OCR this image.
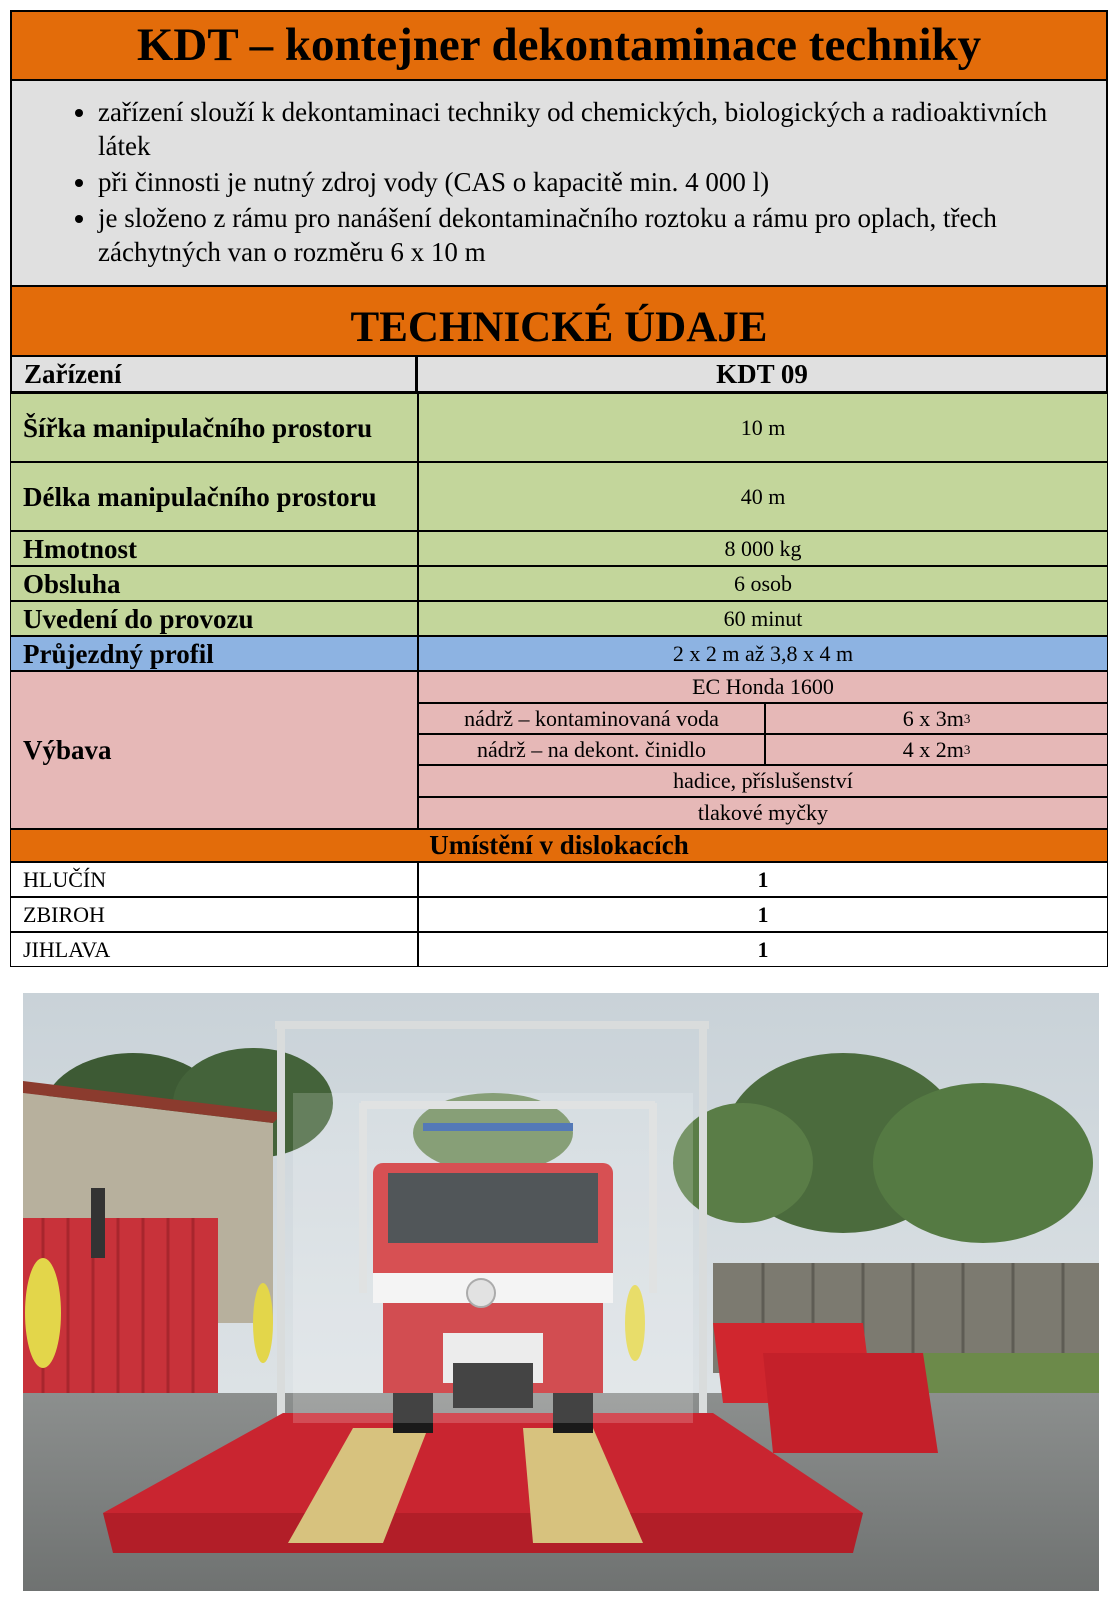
KDT – kontejner dekontaminace techniky
• zařízení slouží k dekontaminaci techniky od chemických, biologických a radioaktivních látek
• při činnosti je nutný zdroj vody (CAS o kapacitě min. 4 000 l)
• je složeno z rámu pro nanášení dekontaminačního roztoku a rámu pro oplach, třech záchytných van o rozměru 6 x 10 m
TECHNICKÉ ÚDAJE
Zařízení	KDT 09
Šířka manipulačního prostoru	10 m
Délka manipulačního prostoru	40 m
Hmotnost	8 000 kg
Obsluha	6 osob
Uvedení do provozu	60 minut
Průjezdný profil	2 x 2 m až 3,8 x 4 m
Výbava
EC Honda 1600
nádrž – kontaminovaná voda	6 x 3m 3
nádrž – na dekont. činidlo	4 x 2m 3
hadice, příslušenství
tlakové myčky
Umístění v dislokacích
HLUČÍN	1
ZBIROH	1
JIHLAVA	1
